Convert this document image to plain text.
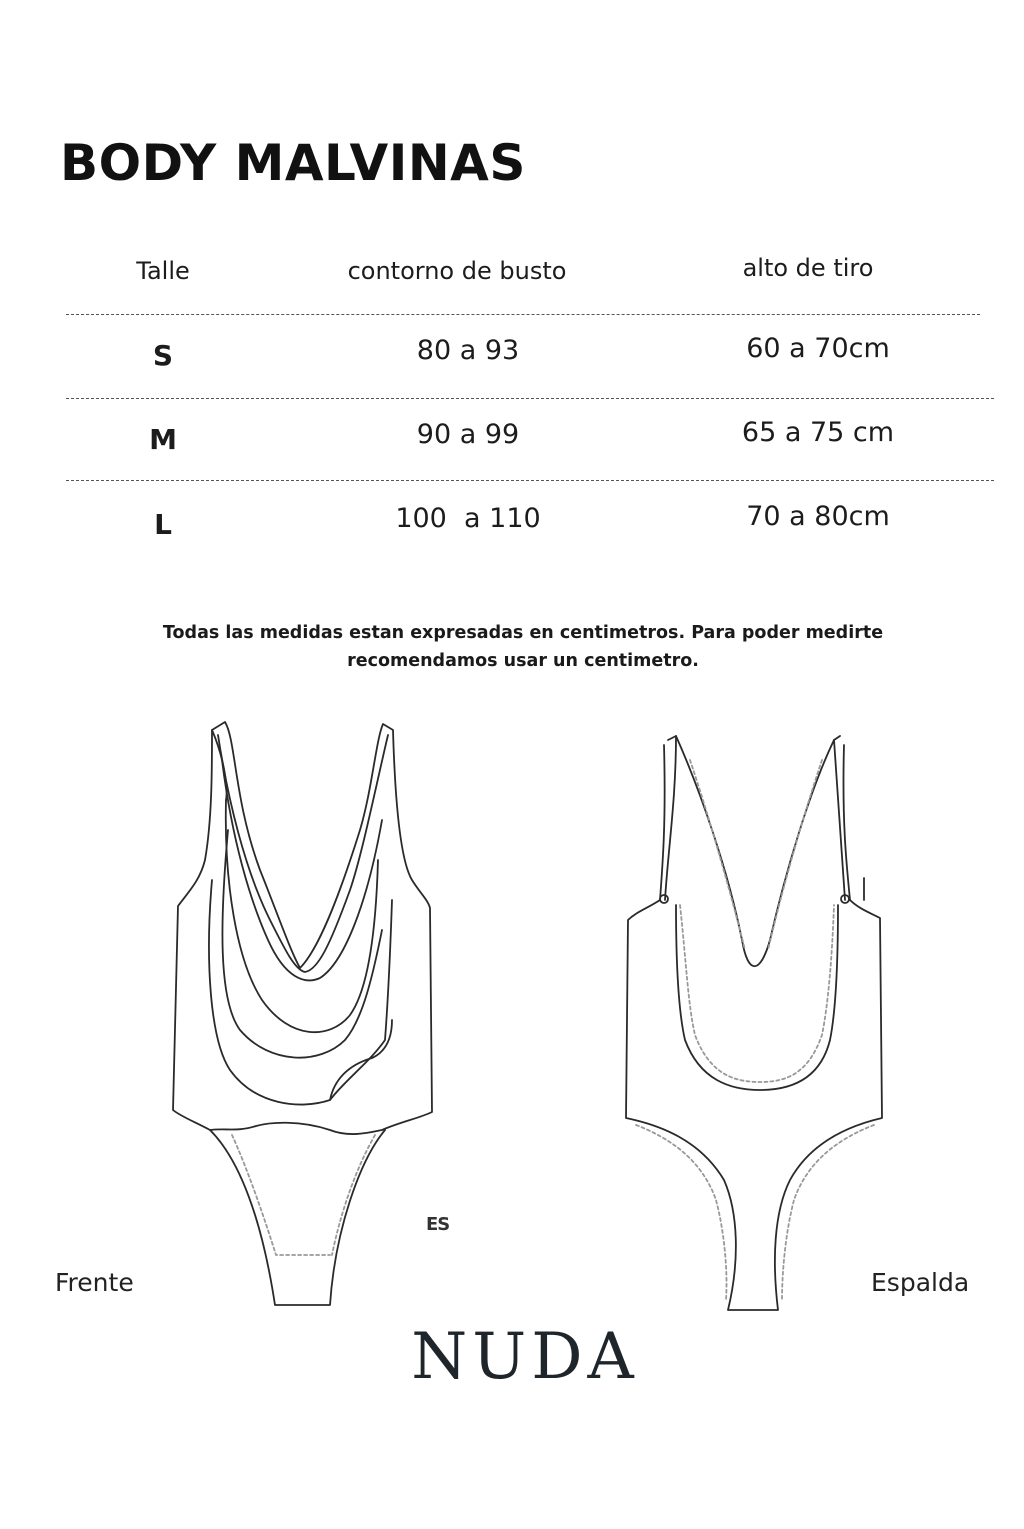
BODY MALVINAS
Talle	contorno de busto	alto de tiro
S	80 a 93	60 a 70cm
M	90 a 99	65 a 75 cm
L	100  a 110	70 a 80cm
Todas las medidas estan expresadas en centimetros. Para poder medirte
recomendamos usar un centimetro.
ES
Frente	Espalda
NUDA
